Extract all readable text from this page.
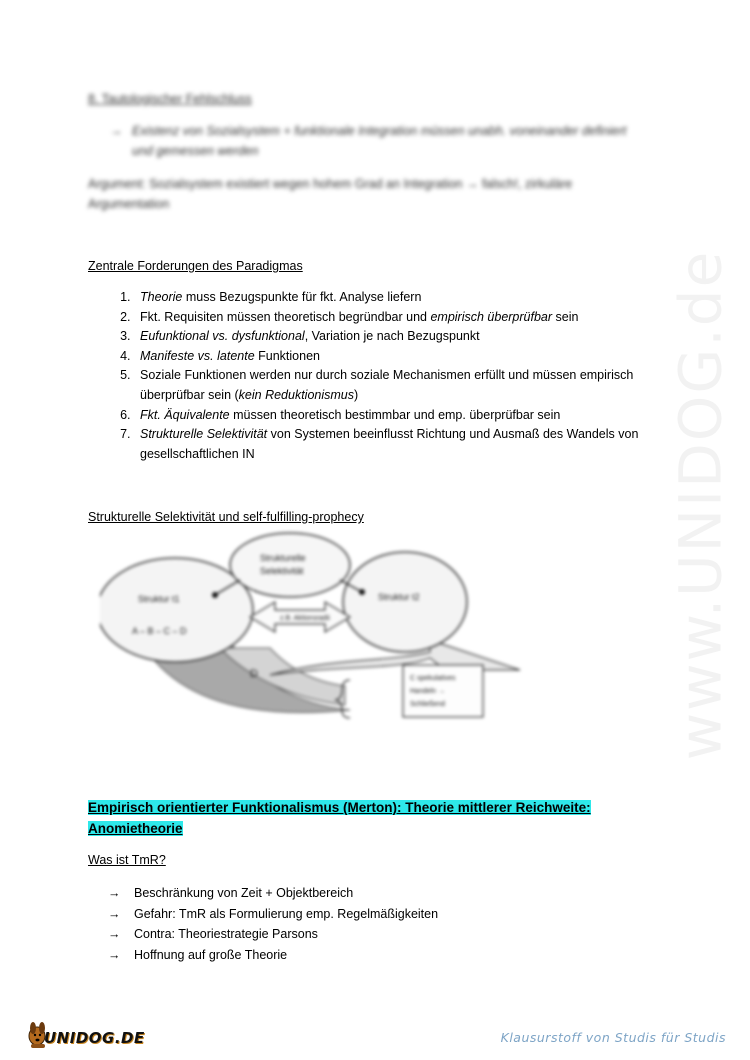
www.UNIDOG.de
8. Tautologischer Fehlschluss
→ Existenz von Sozialsystem + funktionale Integration müssen unabh. voneinander definiert und gemessen werden
Argument: Sozialsystem existiert wegen hohem Grad an Integration → falsch!, zirkuläre Argumentation
Zentrale Forderungen des Paradigmas
1. Theorie muss Bezugspunkte für fkt. Analyse liefern
2. Fkt. Requisiten müssen theoretisch begründbar und empirisch überprüfbar sein
3. Eufunktional vs. dysfunktional, Variation je nach Bezugspunkt
4. Manifeste vs. latente Funktionen
5. Soziale Funktionen werden nur durch soziale Mechanismen erfüllt und müssen empirisch überprüfbar sein (kein Reduktionismus)
6. Fkt. Äquivalente müssen theoretisch bestimmbar und emp. überprüfbar sein
7. Strukturelle Selektivität von Systemen beeinflusst Richtung und Ausmaß des Wandels von gesellschaftlichen IN
Strukturelle Selektivität und self-fulfilling-prophecy
Struktur t1
A – B – C – D
Struktur t2
Strukturelle
Selektivität
z.B. Aktionsradii
D	C spekulatives
Handeln →
Schließend
Empirisch orientierter Funktionalismus (Merton): Theorie mittlerer Reichweite: Anomietheorie
Was ist TmR?
→	Beschränkung von Zeit + Objektbereich
→	Gefahr: TmR als Formulierung emp. Regelmäßigkeiten
→	Contra: Theoriestrategie Parsons
→	Hoffnung auf große Theorie
UNIDOG.DE	Klausurstoff von Studis für Studis
